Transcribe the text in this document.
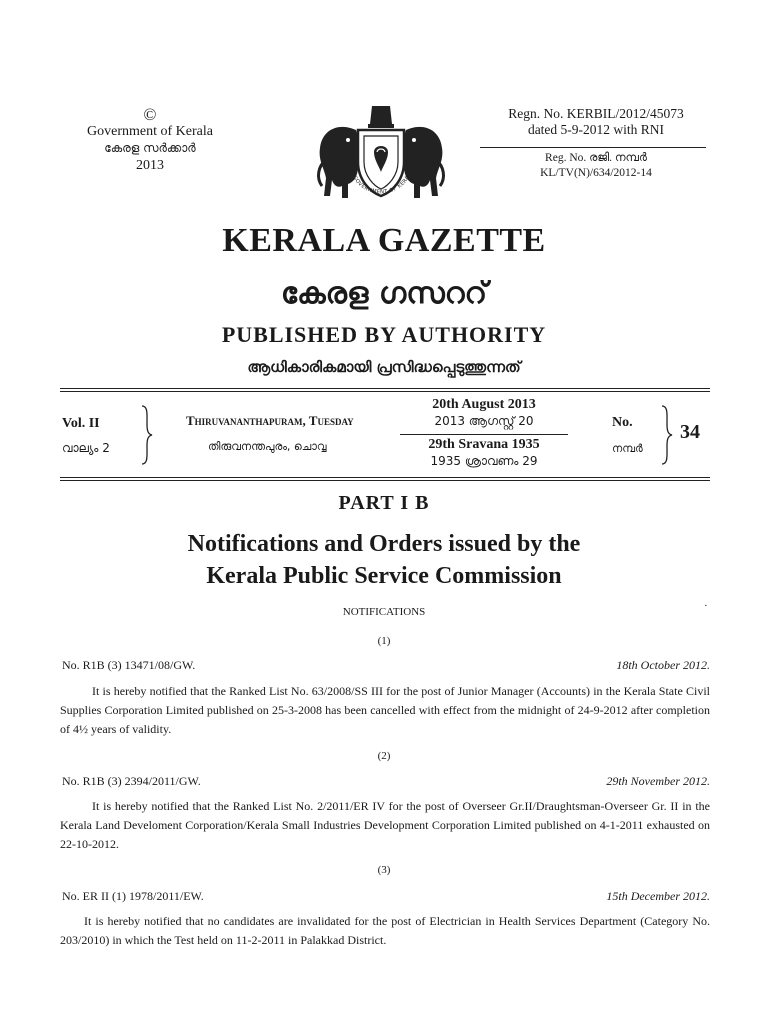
©
Government of Kerala
കേരള സർക്കാർ
2013
GOVERNMENT OF KERAL
Regn. No. KERBIL/2012/45073
dated 5-9-2012 with RNI
Reg. No. രജി. നമ്പർ
KL/TV(N)/634/2012-14
KERALA GAZETTE
കേരള ഗസററ്
PUBLISHED BY AUTHORITY
ആധികാരികമായി പ്രസിദ്ധപ്പെടുത്തുന്നത്
Vol. II
വാല്യം 2
Thiruvananthapuram, Tuesday
തിരുവനന്തപുരം, ചൊവ്വ
20th August 2013
2013 ആഗസ്റ്റ് 20
29th Sravana 1935
1935 ശ്രാവണം 29
No.
നമ്പർ
34
PART I B
Notifications and Orders issued by the
Kerala Public Service Commission
NOTIFICATIONS	·
(1)
No. R1B (3) 13471/08/GW.	18th October 2012.
It is hereby notified that the Ranked List No. 63/2008/SS III for the post of Junior Manager (Accounts) in the Kerala State Civil Supplies Corporation Limited published on 25-3-2008 has been cancelled with effect from the midnight of 24-9-2012 after completion of 4½ years of validity.
(2)
No. R1B (3) 2394/2011/GW.	29th November 2012.
It is hereby notified that the Ranked List No. 2/2011/ER IV for the post of Overseer Gr.II/Draughtsman-Overseer Gr. II in the Kerala Land Develoment Corporation/Kerala Small Industries Development Corporation Limited published on 4-1-2011 exhausted on 22-10-2012.
(3)
No. ER II (1) 1978/2011/EW.	15th December 2012.
It is hereby notified that no candidates are invalidated for the post of Electrician in Health Services Department (Category No. 203/2010) in which the Test held on 11-2-2011 in Palakkad District.
